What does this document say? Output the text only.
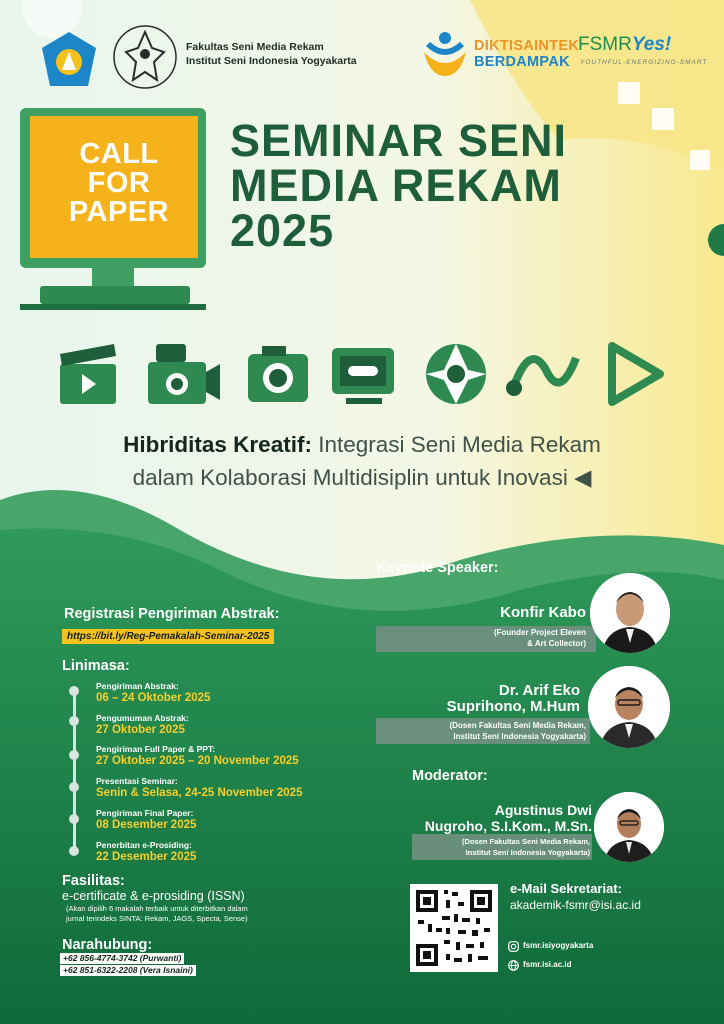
Fakultas Seni Media Rekam
Institut Seni Indonesia Yogyakarta
DIKTISAINTEK
BERDAMPAK
FSMRYes!
YOUTHFUL-ENERGIZING-SMART
CALL
FOR
PAPER
SEMINAR SENI
MEDIA REKAM
2025
Hibriditas Kreatif: Integrasi Seni Media Rekam
dalam Kolaborasi Multidisiplin untuk Inovasi ◀
Registrasi Pengiriman Abstrak:
https://bit.ly/Reg-Pemakalah-Seminar-2025
Linimasa:
Pengiriman Abstrak:
06 – 24 Oktober 2025
Pengumuman Abstrak:
27 Oktober 2025
Pengiriman Full Paper & PPT:
27 Oktober 2025 – 20 November 2025
Presentasi Seminar:
Senin & Selasa, 24-25 November 2025
Pengiriman Final Paper:
08 Desember 2025
Penerbitan e-Prosiding:
22 Desember 2025
Fasilitas:
e-certificate & e-prosiding (ISSN)
(Akan dipilih 6 makalah terbaik untuk diterbitkan dalam
jurnal terindeks SINTA: Rekam, JAGS, Specta, Sense)
Narahubung:
+62 856-4774-3742 (Purwanti)
+62 851-6322-2208 (Vera Isnaini)
Keynote Speaker:
Konfir Kabo
(Founder Project Eleven
& Art Collector)
Dr. Arif Eko
Suprihono, M.Hum
(Dosen Fakultas Seni Media Rekam,
Institut Seni Indonesia Yogyakarta)
Moderator:
Agustinus Dwi
Nugroho, S.I.Kom., M.Sn.
(Dosen Fakultas Seni Media Rekam,
Institut Seni Indonesia Yogyakarta)
e-Mail Sekretariat:
akademik-fsmr@isi.ac.id
fsmr.isiyogyakarta
fsmr.isi.ac.id
